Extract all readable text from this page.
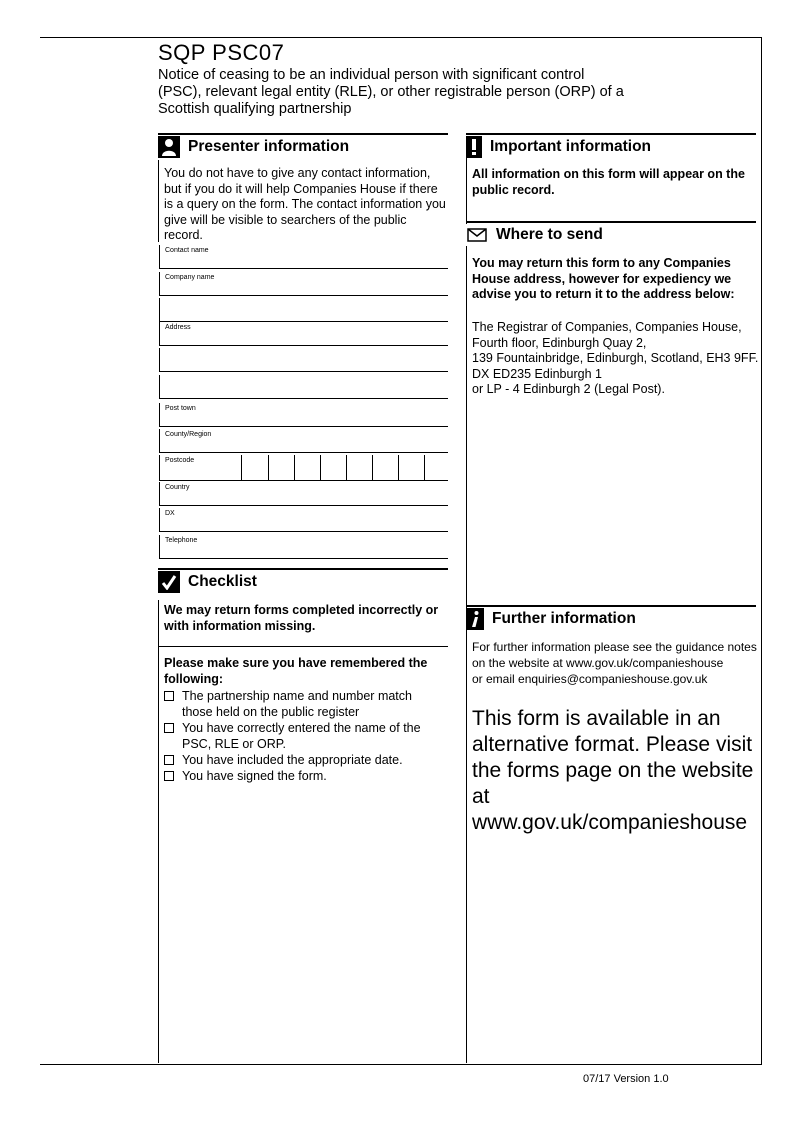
SQP PSC07

Notice of ceasing to be an individual person with significant control (PSC), relevant legal entity (RLE), or other registrable person (ORP) of a Scottish qualifying partnership

Presenter information

You do not have to give any contact information, but if you do it will help Companies House if there is a query on the form. The contact information you give will be visible to searchers of the public record.

Contact name
Company name
Address
Post town
County/Region
Postcode
Country
DX
Telephone
Checklist

We may return forms completed incorrectly or with information missing.

Please make sure you have remembered the following:

The partnership name and number match those held on the public register
You have correctly entered the name of the PSC, RLE or ORP.
You have included the appropriate date.
You have signed the form.
Important information

All information on this form will appear on the public record.

Where to send

You may return this form to any Companies House address, however for expediency we advise you to return it to the address below:

The Registrar of Companies, Companies House,
Fourth floor, Edinburgh Quay 2,
139 Fountainbridge, Edinburgh, Scotland, EH3 9FF.
DX ED235 Edinburgh 1
or LP - 4 Edinburgh 2 (Legal Post).
Further information
For further information please see the guidance notes
on the website at www.gov.uk/companieshouse
or email enquiries@companieshouse.gov.uk

This form is available in an alternative format. Please visit the forms page on the website at www.gov.uk/companieshouse

07/17 Version 1.0
